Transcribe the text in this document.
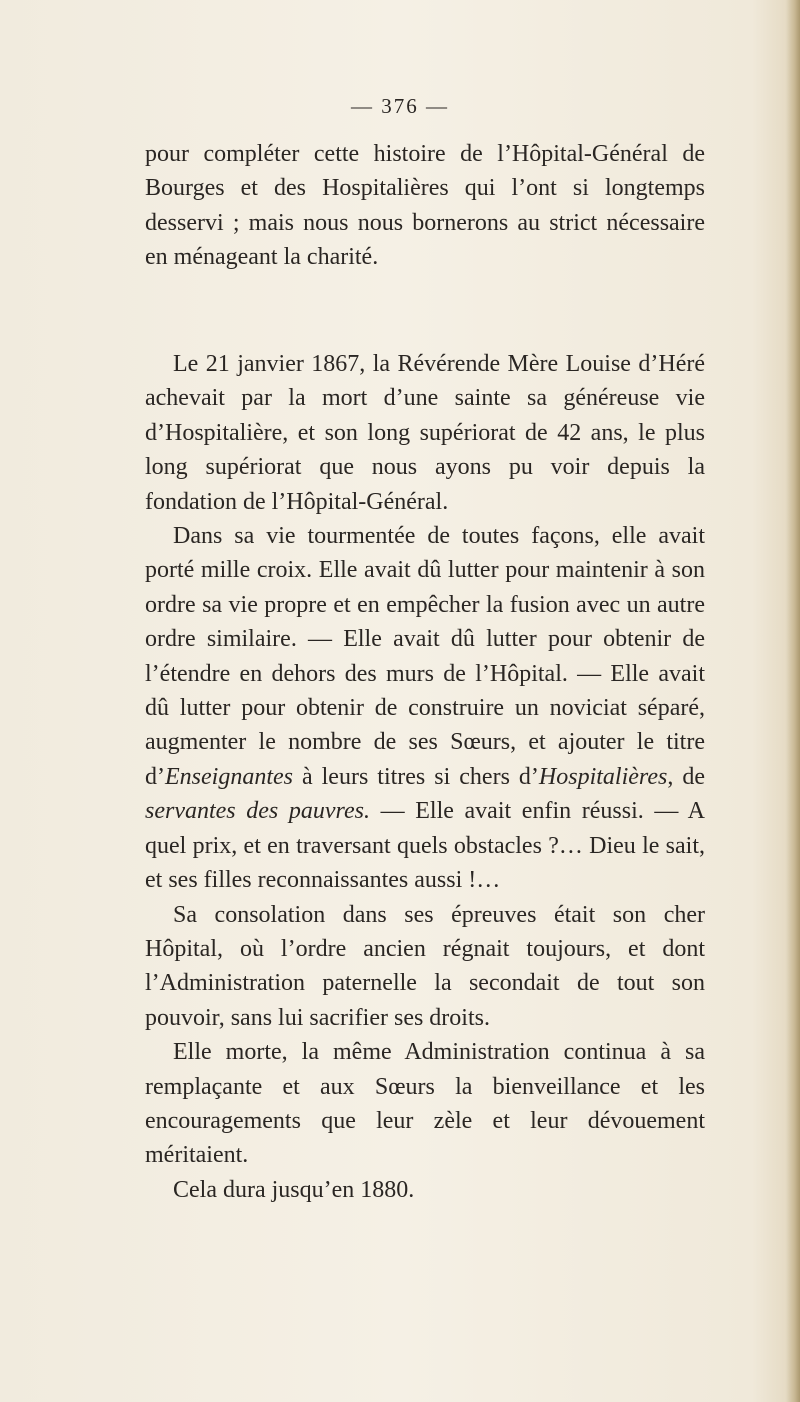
— 376 —

pour compléter cette histoire de l’Hôpital-Général de Bourges et des Hospitalières qui l’ont si longtemps desservi ; mais nous nous bornerons au strict nécessaire en ménageant la charité.

Le 21 janvier 1867, la Révérende Mère Louise d’Héré achevait par la mort d’une sainte sa généreuse vie d’Hospitalière, et son long supériorat de 42 ans, le plus long supériorat que nous ayons pu voir depuis la fondation de l’Hôpital-Général.

Dans sa vie tourmentée de toutes façons, elle avait porté mille croix. Elle avait dû lutter pour maintenir à son ordre sa vie propre et en empêcher la fusion avec un autre ordre similaire. — Elle avait dû lutter pour obtenir de l’étendre en dehors des murs de l’Hôpital. — Elle avait dû lutter pour obtenir de construire un noviciat séparé, augmenter le nombre de ses Sœurs, et ajouter le titre d’Enseignantes à leurs titres si chers d’Hospitalières, de servantes des pauvres. — Elle avait enfin réussi. — A quel prix, et en traversant quels obstacles ?… Dieu le sait, et ses filles reconnaissantes aussi !…

Sa consolation dans ses épreuves était son cher Hôpital, où l’ordre ancien régnait toujours, et dont l’Administration paternelle la secondait de tout son pouvoir, sans lui sacrifier ses droits.

Elle morte, la même Administration continua à sa remplaçante et aux Sœurs la bienveillance et les encouragements que leur zèle et leur dévouement méritaient.

Cela dura jusqu’en 1880.
